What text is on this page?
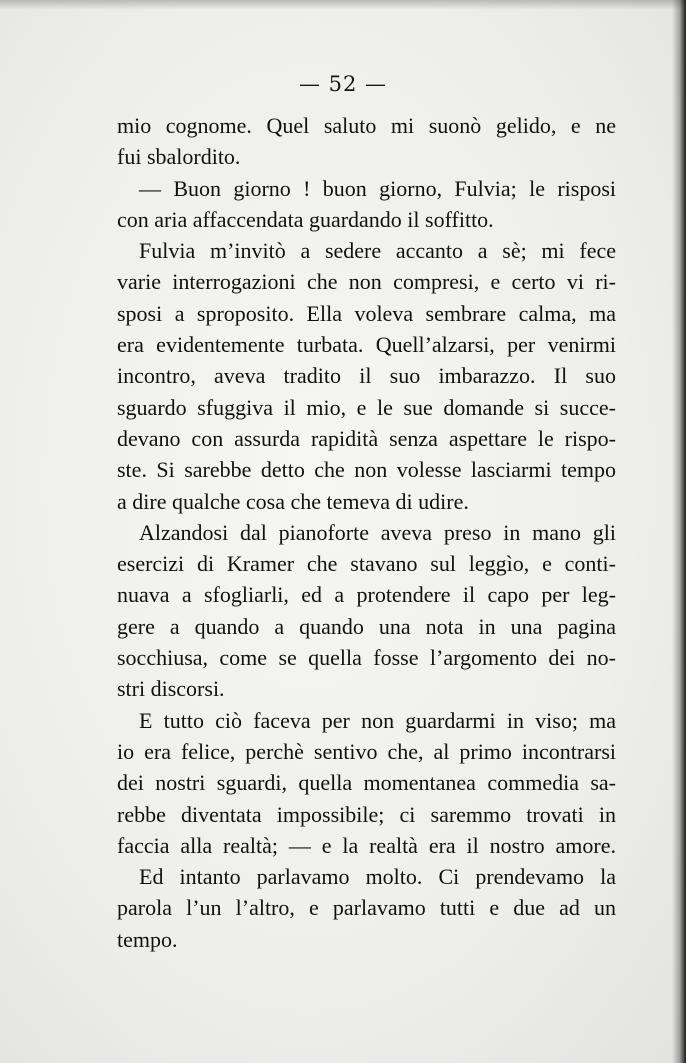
— 52 —
mio cognome. Quel saluto mi suonò gelido, e ne
fui sbalordito.
— Buon giorno ! buon giorno, Fulvia; le risposi
con aria affaccendata guardando il soffitto.
Fulvia m’invitò a sedere accanto a sè; mi fece
varie interrogazioni che non compresi, e certo vi ri-
sposi a sproposito. Ella voleva sembrare calma, ma
era evidentemente turbata. Quell’alzarsi, per venirmi
incontro, aveva tradito il suo imbarazzo. Il suo
sguardo sfuggiva il mio, e le sue domande si succe-
devano con assurda rapidità senza aspettare le rispo-
ste. Si sarebbe detto che non volesse lasciarmi tempo
a dire qualche cosa che temeva di udire.
Alzandosi dal pianoforte aveva preso in mano gli
esercizi di Kramer che stavano sul leggìo, e conti-
nuava a sfogliarli, ed a protendere il capo per leg-
gere a quando a quando una nota in una pagina
socchiusa, come se quella fosse l’argomento dei no-
stri discorsi.
E tutto ciò faceva per non guardarmi in viso; ma
io era felice, perchè sentivo che, al primo incontrarsi
dei nostri sguardi, quella momentanea commedia sa-
rebbe diventata impossibile; ci saremmo trovati in
faccia alla realtà; — e la realtà era il nostro amore.
Ed intanto parlavamo molto. Ci prendevamo la
parola l’un l’altro, e parlavamo tutti e due ad un
tempo.
